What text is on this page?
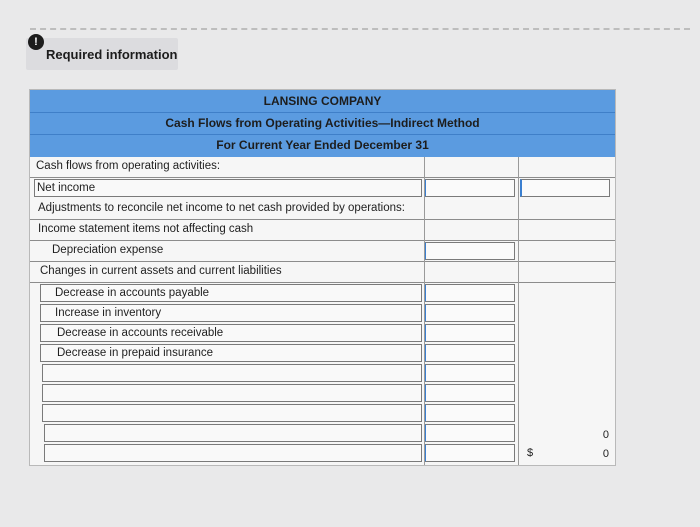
!
Required information
LANSING COMPANY
Cash Flows from Operating Activities—Indirect Method
For Current Year Ended December 31
Cash flows from operating activities:
Net income
Adjustments to reconcile net income to net cash provided by operations:
Income statement items not affecting cash
Depreciation expense
Changes in current assets and current liabilities
Decrease in accounts payable
Increase in inventory
Decrease in accounts receivable
Decrease in prepaid insurance
0
$	0
